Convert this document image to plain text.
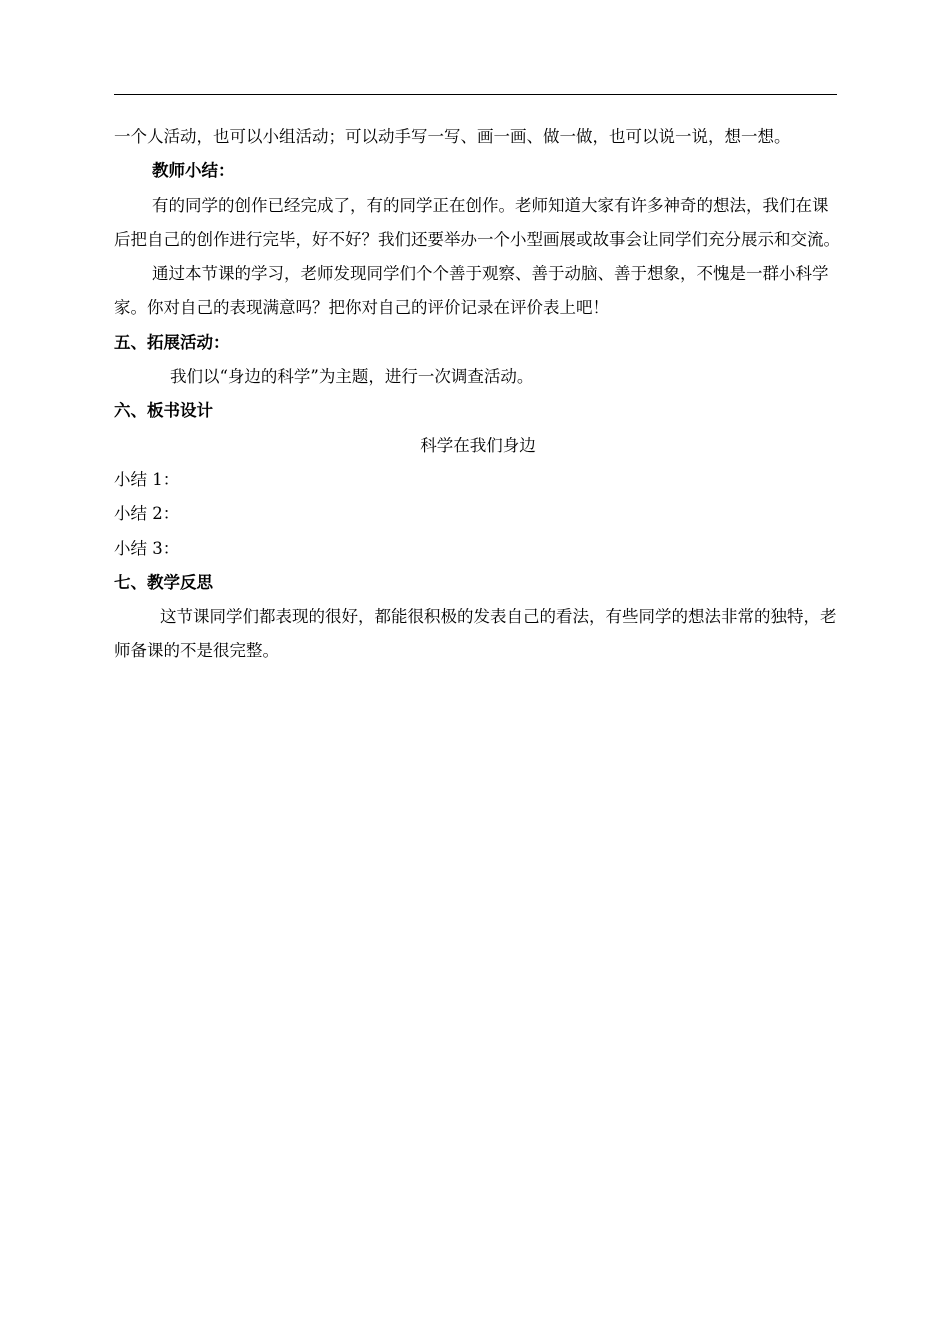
一个人活动，也可以小组活动；可以动手写一写、画一画、做一做，也可以说一说，想一想。

教师小结：

有的同学的创作已经完成了，有的同学正在创作。老师知道大家有许多神奇的想法，我们在课后把自己的创作进行完毕，好不好？我们还要举办一个小型画展或故事会让同学们充分展示和交流。

通过本节课的学习，老师发现同学们个个善于观察、善于动脑、善于想象，不愧是一群小科学家。你对自己的表现满意吗？把你对自己的评价记录在评价表上吧！

五、拓展活动：

我们以“身边的科学”为主题，进行一次调查活动。

六、板书设计

科学在我们身边

小结 1：

小结 2：

小结 3：

七、教学反思

这节课同学们都表现的很好，都能很积极的发表自己的看法，有些同学的想法非常的独特，老师备课的不是很完整。
